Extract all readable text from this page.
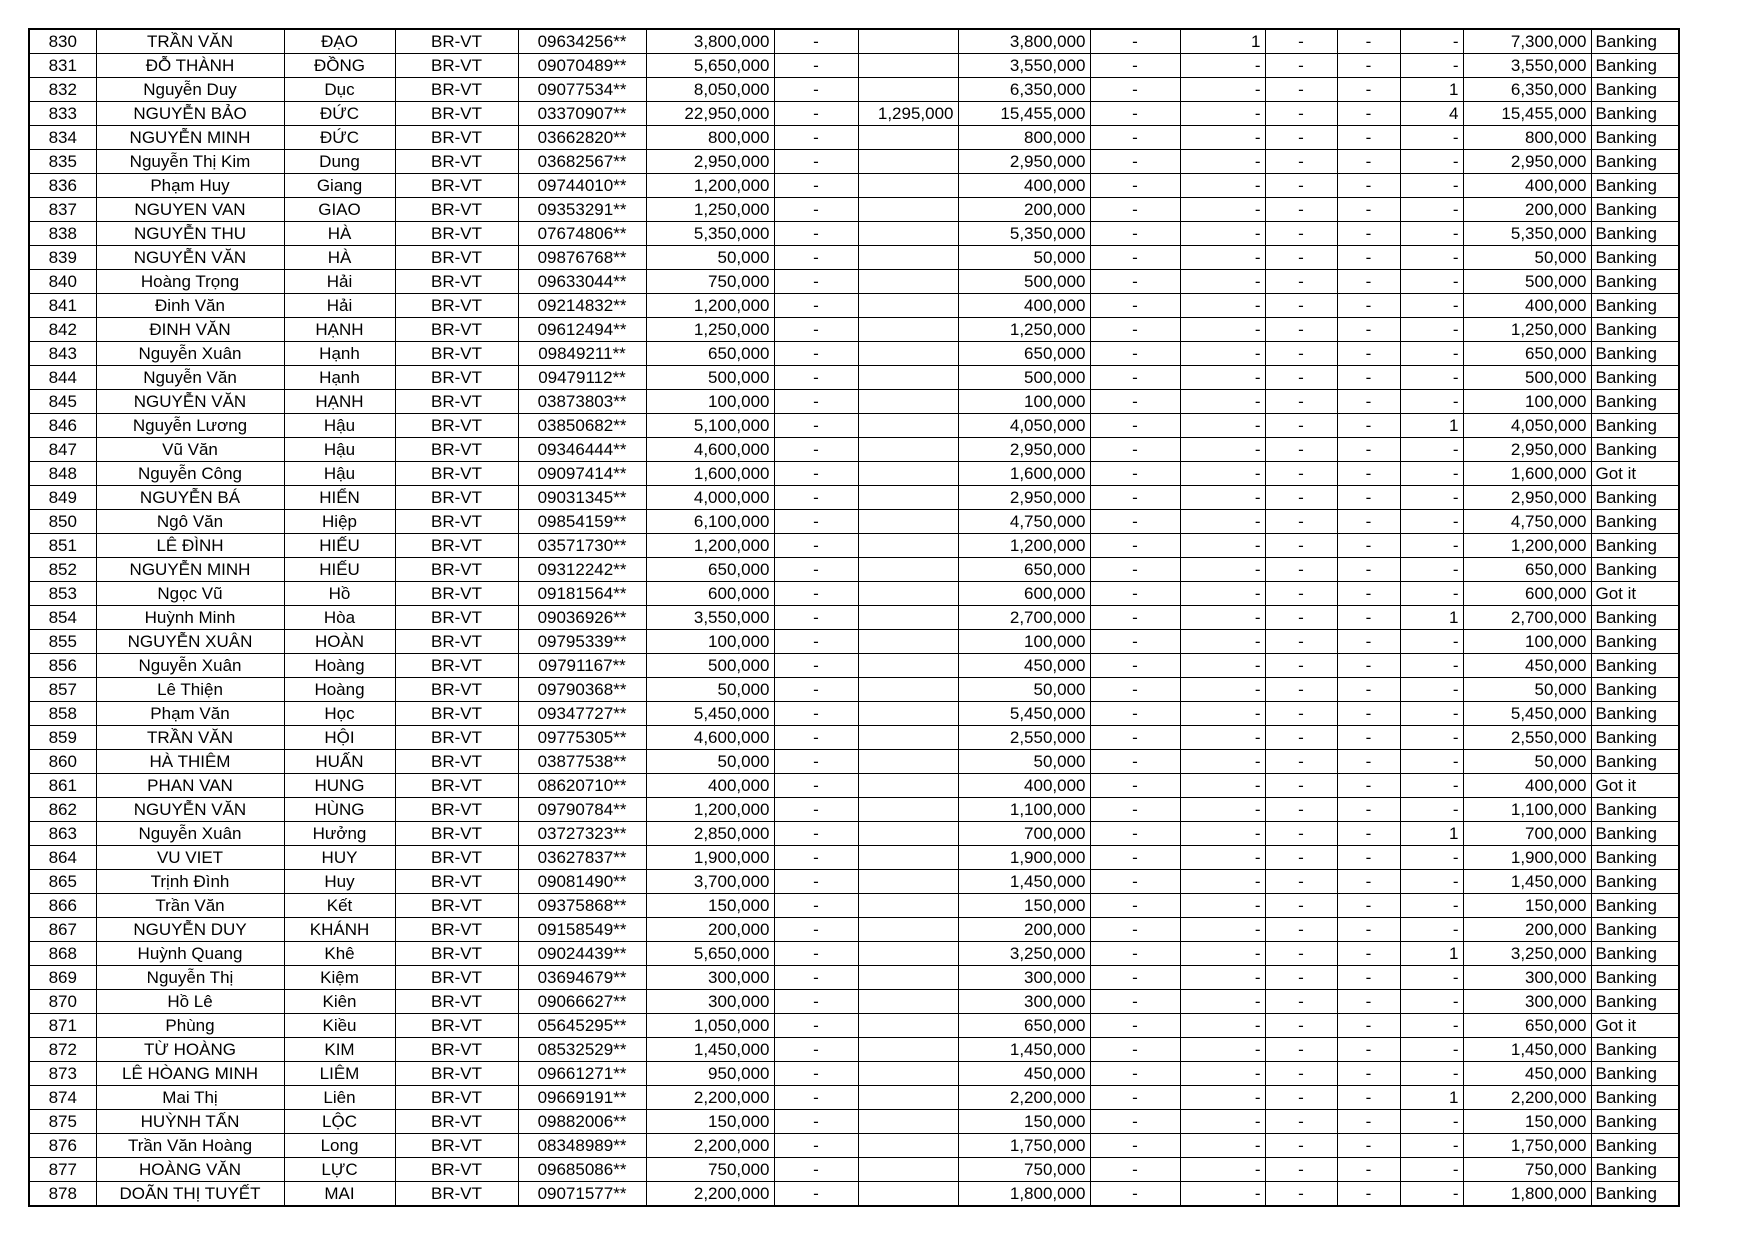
830	TRẦN VĂN	ĐẠO	BR-VT	09634256**	3,800,000	-		3,800,000	-	1	-	-	-	7,300,000	Banking
831	ĐỖ THÀNH	ĐỒNG	BR-VT	09070489**	5,650,000	-		3,550,000	-	-	-	-	-	3,550,000	Banking
832	Nguyễn Duy	Dục	BR-VT	09077534**	8,050,000	-		6,350,000	-	-	-	-	1	6,350,000	Banking
833	NGUYỄN BẢO	ĐỨC	BR-VT	03370907**	22,950,000	-	1,295,000	15,455,000	-	-	-	-	4	15,455,000	Banking
834	NGUYỄN MINH	ĐỨC	BR-VT	03662820**	800,000	-		800,000	-	-	-	-	-	800,000	Banking
835	Nguyễn Thị Kim	Dung	BR-VT	03682567**	2,950,000	-		2,950,000	-	-	-	-	-	2,950,000	Banking
836	Phạm Huy	Giang	BR-VT	09744010**	1,200,000	-		400,000	-	-	-	-	-	400,000	Banking
837	NGUYEN VAN	GIAO	BR-VT	09353291**	1,250,000	-		200,000	-	-	-	-	-	200,000	Banking
838	NGUYỄN THU	HÀ	BR-VT	07674806**	5,350,000	-		5,350,000	-	-	-	-	-	5,350,000	Banking
839	NGUYỄN VĂN	HÀ	BR-VT	09876768**	50,000	-		50,000	-	-	-	-	-	50,000	Banking
840	Hoàng Trọng	Hải	BR-VT	09633044**	750,000	-		500,000	-	-	-	-	-	500,000	Banking
841	Đinh Văn	Hải	BR-VT	09214832**	1,200,000	-		400,000	-	-	-	-	-	400,000	Banking
842	ĐINH VĂN	HẠNH	BR-VT	09612494**	1,250,000	-		1,250,000	-	-	-	-	-	1,250,000	Banking
843	Nguyễn Xuân	Hạnh	BR-VT	09849211**	650,000	-		650,000	-	-	-	-	-	650,000	Banking
844	Nguyễn Văn	Hạnh	BR-VT	09479112**	500,000	-		500,000	-	-	-	-	-	500,000	Banking
845	NGUYỄN VĂN	HẠNH	BR-VT	03873803**	100,000	-		100,000	-	-	-	-	-	100,000	Banking
846	Nguyễn Lương	Hậu	BR-VT	03850682**	5,100,000	-		4,050,000	-	-	-	-	1	4,050,000	Banking
847	Vũ Văn	Hậu	BR-VT	09346444**	4,600,000	-		2,950,000	-	-	-	-	-	2,950,000	Banking
848	Nguyễn Công	Hậu	BR-VT	09097414**	1,600,000	-		1,600,000	-	-	-	-	-	1,600,000	Got it
849	NGUYỄN BÁ	HIỂN	BR-VT	09031345**	4,000,000	-		2,950,000	-	-	-	-	-	2,950,000	Banking
850	Ngô Văn	Hiệp	BR-VT	09854159**	6,100,000	-		4,750,000	-	-	-	-	-	4,750,000	Banking
851	LÊ ĐÌNH	HIẾU	BR-VT	03571730**	1,200,000	-		1,200,000	-	-	-	-	-	1,200,000	Banking
852	NGUYỄN MINH	HIẾU	BR-VT	09312242**	650,000	-		650,000	-	-	-	-	-	650,000	Banking
853	Ngọc Vũ	Hồ	BR-VT	09181564**	600,000	-		600,000	-	-	-	-	-	600,000	Got it
854	Huỳnh Minh	Hòa	BR-VT	09036926**	3,550,000	-		2,700,000	-	-	-	-	1	2,700,000	Banking
855	NGUYỄN XUÂN	HOÀN	BR-VT	09795339**	100,000	-		100,000	-	-	-	-	-	100,000	Banking
856	Nguyễn Xuân	Hoàng	BR-VT	09791167**	500,000	-		450,000	-	-	-	-	-	450,000	Banking
857	Lê Thiện	Hoàng	BR-VT	09790368**	50,000	-		50,000	-	-	-	-	-	50,000	Banking
858	Phạm Văn	Học	BR-VT	09347727**	5,450,000	-		5,450,000	-	-	-	-	-	5,450,000	Banking
859	TRẦN VĂN	HỘI	BR-VT	09775305**	4,600,000	-		2,550,000	-	-	-	-	-	2,550,000	Banking
860	HÀ THIÊM	HUẤN	BR-VT	03877538**	50,000	-		50,000	-	-	-	-	-	50,000	Banking
861	PHAN VAN	HUNG	BR-VT	08620710**	400,000	-		400,000	-	-	-	-	-	400,000	Got it
862	NGUYỄN VĂN	HÙNG	BR-VT	09790784**	1,200,000	-		1,100,000	-	-	-	-	-	1,100,000	Banking
863	Nguyễn Xuân	Hưởng	BR-VT	03727323**	2,850,000	-		700,000	-	-	-	-	1	700,000	Banking
864	VU VIET	HUY	BR-VT	03627837**	1,900,000	-		1,900,000	-	-	-	-	-	1,900,000	Banking
865	Trịnh Đình	Huy	BR-VT	09081490**	3,700,000	-		1,450,000	-	-	-	-	-	1,450,000	Banking
866	Trần Văn	Kết	BR-VT	09375868**	150,000	-		150,000	-	-	-	-	-	150,000	Banking
867	NGUYỄN DUY	KHÁNH	BR-VT	09158549**	200,000	-		200,000	-	-	-	-	-	200,000	Banking
868	Huỳnh Quang	Khê	BR-VT	09024439**	5,650,000	-		3,250,000	-	-	-	-	1	3,250,000	Banking
869	Nguyễn Thị	Kiệm	BR-VT	03694679**	300,000	-		300,000	-	-	-	-	-	300,000	Banking
870	Hồ Lê	Kiên	BR-VT	09066627**	300,000	-		300,000	-	-	-	-	-	300,000	Banking
871	Phùng	Kiều	BR-VT	05645295**	1,050,000	-		650,000	-	-	-	-	-	650,000	Got it
872	TỪ HOÀNG	KIM	BR-VT	08532529**	1,450,000	-		1,450,000	-	-	-	-	-	1,450,000	Banking
873	LÊ HÒANG MINH	LIÊM	BR-VT	09661271**	950,000	-		450,000	-	-	-	-	-	450,000	Banking
874	Mai Thị	Liên	BR-VT	09669191**	2,200,000	-		2,200,000	-	-	-	-	1	2,200,000	Banking
875	HUỲNH TẤN	LỘC	BR-VT	09882006**	150,000	-		150,000	-	-	-	-	-	150,000	Banking
876	Trần Văn Hoàng	Long	BR-VT	08348989**	2,200,000	-		1,750,000	-	-	-	-	-	1,750,000	Banking
877	HOÀNG VĂN	LỰC	BR-VT	09685086**	750,000	-		750,000	-	-	-	-	-	750,000	Banking
878	DOÃN THỊ TUYẾT	MAI	BR-VT	09071577**	2,200,000	-		1,800,000	-	-	-	-	-	1,800,000	Banking
